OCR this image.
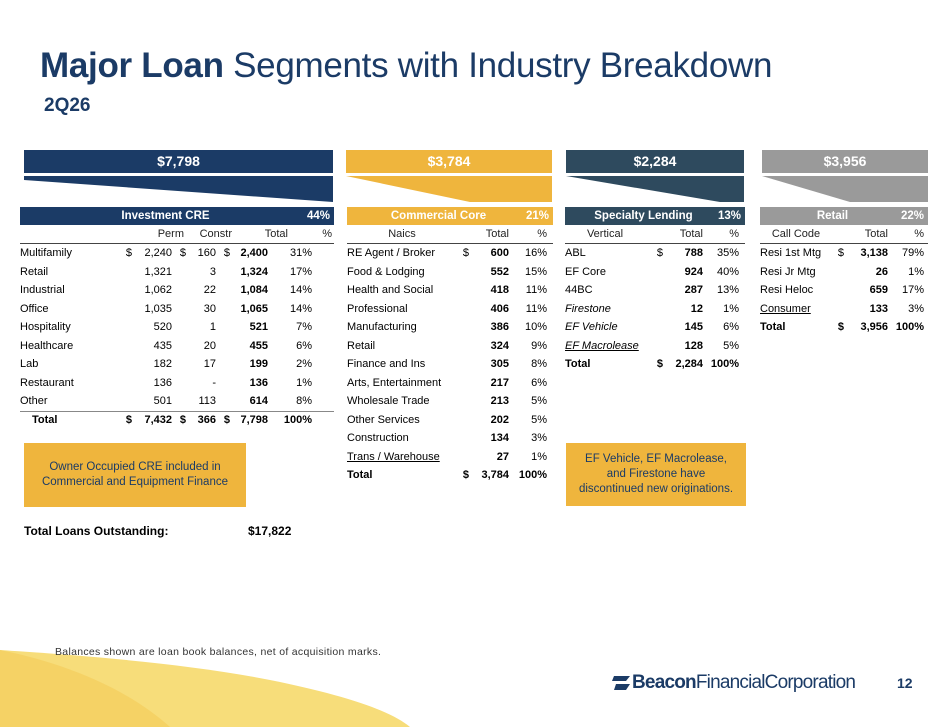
Major Loan Segments with Industry Breakdown
2Q26
$7,798	$3,784	$2,284	$3,956
Investment CRE	44%
Perm	Constr	Total	%
Multifamily	$	2,240 $	160 $ 2,400	31%
Retail	1,321	3	1,324	17%
Industrial	1,062	22	1,084	14%
Office	1,035	30	1,065	14%
Hospitality	520	1	521	7%
Healthcare	435	20	455	6%
Lab	182	17	199	2%
Restaurant	136	-	136	1%
Other	501	113	614	8%
Total	$	7,432 $	366 $ 7,798	100%
Commercial Core	21%
Naics	Total	%
RE Agent / Broker	$	600	16%
Food & Lodging	552	15%
Health and Social	418	11%
Professional	406	11%
Manufacturing	386	10%
Retail	324	9%
Finance and Ins	305	8%
Arts, Entertainment	217	6%
Wholesale Trade	213	5%
Other Services	202	5%
Construction	134	3%
Trans / Warehouse	27	1%
Total	$	3,784 100%
Specialty Lending	13%
Vertical	Total	%
ABL	$	788	35%
EF Core	924	40%
44BC	287	13%
Firestone	12	1%
EF Vehicle	145	6%
EF Macrolease	128	5%
Total	$	2,284 100%
Retail	22%
Call Code	Total	%
Resi 1st Mtg	$	3,138	79%
Resi Jr Mtg	26	1%
Resi Heloc	659	17%
Consumer	133	3%
Total	$	3,956 100%
Owner Occupied CRE included in Commercial and Equipment Finance
EF Vehicle, EF Macrolease, and Firestone have discontinued new originations.
Total Loans Outstanding:	$17,822
Balances shown are loan book balances, net of acquisition marks.
BeaconFinancialCorporation	12
